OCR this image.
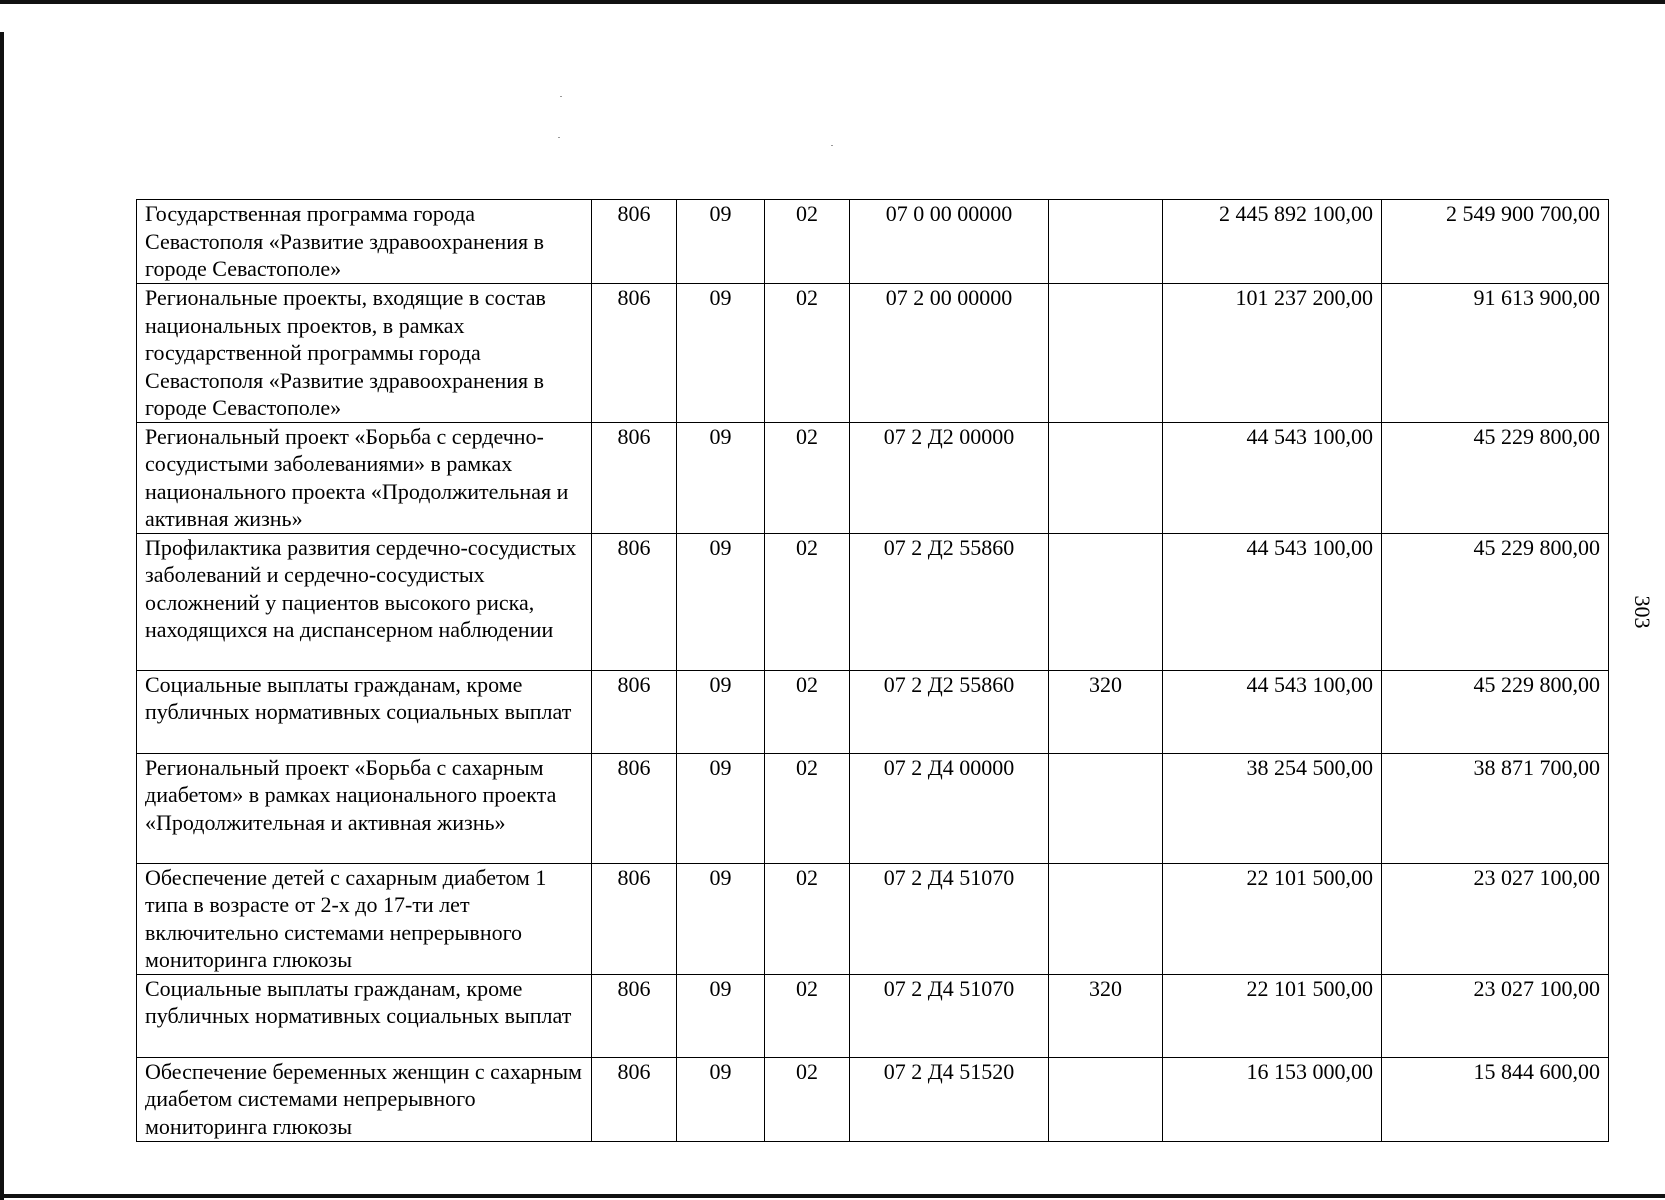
303
Государственная программа города Севастополя «Развитие здравоохранения в городе Севастополе»	806	09	02	07 0 00 00000		2 445 892 100,00	2 549 900 700,00
Региональные проекты, входящие в состав национальных проектов, в рамках государственной программы города Севастополя «Развитие здравоохранения в городе Севастополе»	806	09	02	07 2 00 00000		101 237 200,00	91 613 900,00
Региональный проект «Борьба с сердечно-сосудистыми заболеваниями» в рамках национального проекта «Продолжительная и активная жизнь»	806	09	02	07 2 Д2 00000		44 543 100,00	45 229 800,00
Профилактика развития сердечно-сосудистых заболеваний и сердечно-сосудистых осложнений у пациентов высокого риска, находящихся на диспансерном наблюдении	806	09	02	07 2 Д2 55860		44 543 100,00	45 229 800,00
Социальные выплаты гражданам, кроме публичных нормативных социальных выплат	806	09	02	07 2 Д2 55860	320	44 543 100,00	45 229 800,00
Региональный проект «Борьба с сахарным диабетом» в рамках национального проекта «Продолжительная и активная жизнь»	806	09	02	07 2 Д4 00000		38 254 500,00	38 871 700,00
Обеспечение детей с сахарным диабетом 1 типа в возрасте от 2-х до 17-ти лет включительно системами непрерывного мониторинга глюкозы	806	09	02	07 2 Д4 51070		22 101 500,00	23 027 100,00
Социальные выплаты гражданам, кроме публичных нормативных социальных выплат	806	09	02	07 2 Д4 51070	320	22 101 500,00	23 027 100,00
Обеспечение беременных женщин с сахарным диабетом системами непрерывного мониторинга глюкозы	806	09	02	07 2 Д4 51520		16 153 000,00	15 844 600,00
